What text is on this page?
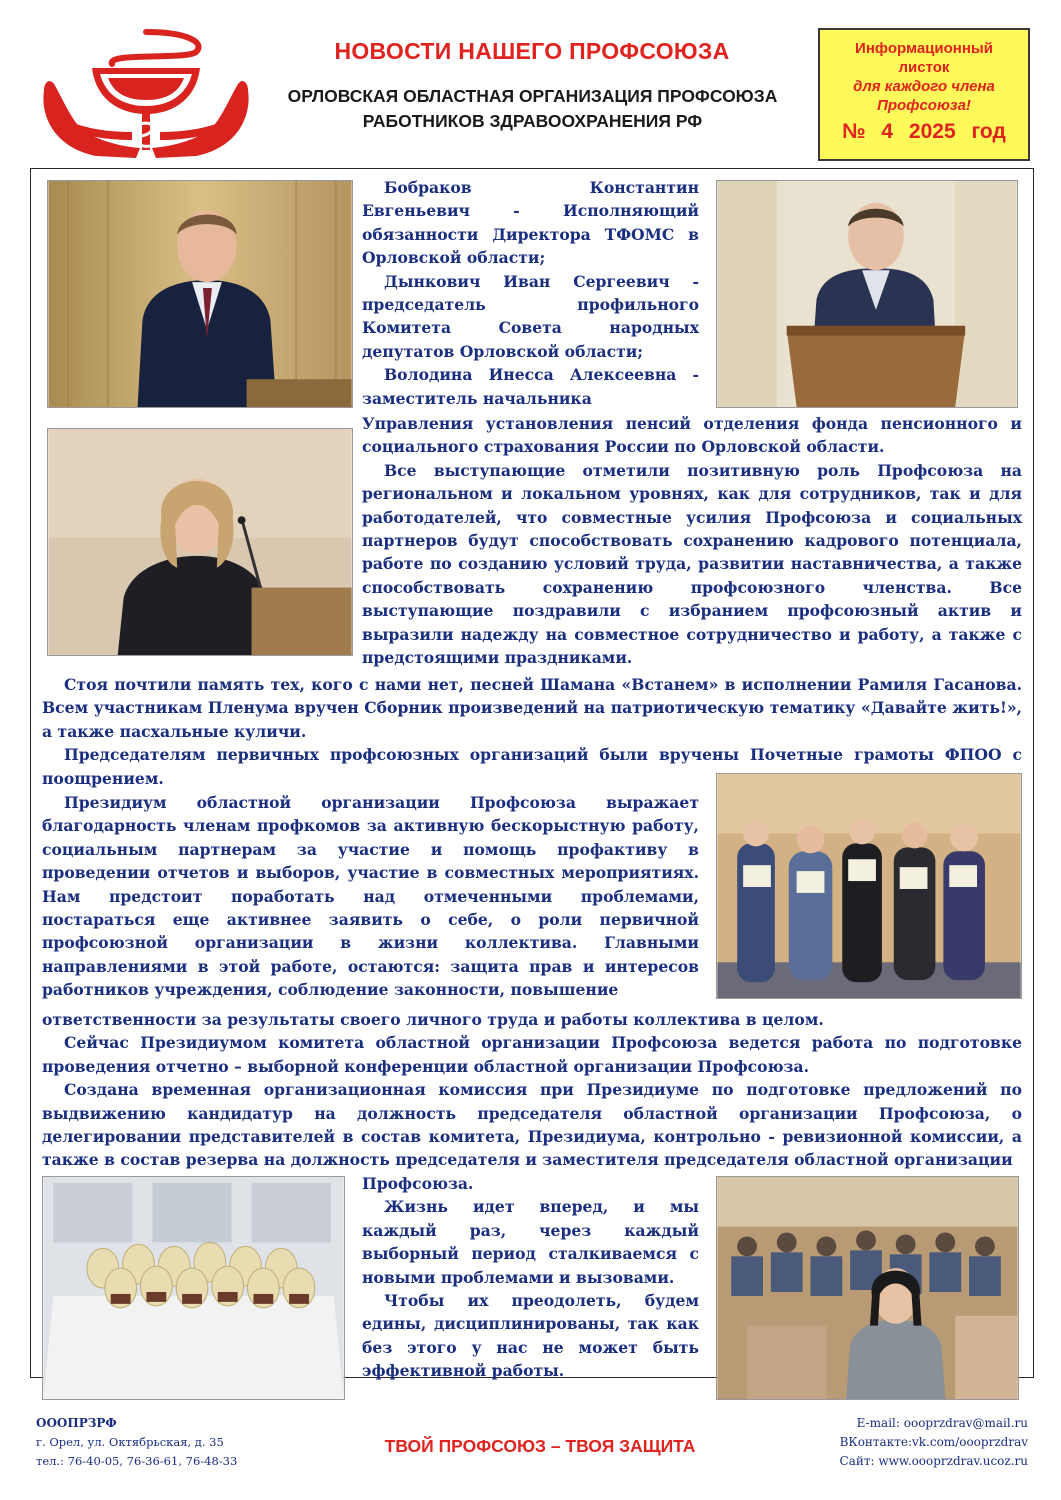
НОВОСТИ НАШЕГО ПРОФСОЮЗА
ОРЛОВСКАЯ ОБЛАСТНАЯ ОРГАНИЗАЦИЯ ПРОФСОЮЗА
РАБОТНИКОВ ЗДРАВООХРАНЕНИЯ РФ
Информационный
листок
для каждого члена
Профсоюза!
№ 4 2025 год

Бобраков Константин Евгеньевич - Исполняющий обязанности Директора ТФОМС в Орловской области;

Дынкович Иван Сергеевич - председатель профильного Комитета Совета народных депутатов Орловской области;

Володина Инесса Алексеевна - заместитель начальника

Управления установления пенсий отделения фонда пенсионного и социального страхования России по Орловской области.

Все выступающие отметили позитивную роль Профсоюза на региональном и локальном уровнях, как для сотрудников, так и для работодателей, что совместные усилия Профсоюза и социальных партнеров будут способствовать сохранению кадрового потенциала, работе по созданию условий труда, развитии наставничества, а также способствовать сохранению профсоюзного членства. Все выступающие поздравили с избранием профсоюзный актив и выразили надежду на совместное сотрудничество и работу, а также с предстоящими праздниками.

Стоя почтили память тех, кого с нами нет, песней Шамана «Встанем» в исполнении Рамиля Гасанова. Всем участникам Пленума вручен Сборник произведений на патриотическую тематику «Давайте жить!», а также пасхальные куличи.

Председателям первичных профсоюзных организаций были вручены Почетные грамоты ФПОО с поощрением.

Президиум областной организации Профсоюза выражает благодарность членам профкомов за активную бескорыстную работу, социальным партнерам за участие и помощь профактиву в проведении отчетов и выборов, участие в совместных мероприятиях. Нам предстоит поработать над отмеченными проблемами, постараться еще активнее заявить о себе, о роли первичной профсоюзной организации в жизни коллектива. Главными направлениями в этой работе, остаются: защита прав и интересов работников учреждения, соблюдение законности, повышение

ответственности за результаты своего личного труда и работы коллектива в целом.

Сейчас Президиумом комитета областной организации Профсоюза ведется работа по подготовке проведения отчетно – выборной конференции областной организации Профсоюза.

Создана временная организационная комиссия при Президиуме по подготовке предложений по выдвижению кандидатур на должность председателя областной организации Профсоюза, о делегировании представителей в состав комитета, Президиума, контрольно - ревизионной комиссии, а также в состав резерва на должность председателя и заместителя председателя областной организации

Профсоюза.

Жизнь идет вперед, и мы каждый раз, через каждый выборный период сталкиваемся с новыми проблемами и вызовами.

Чтобы их преодолеть, будем едины, дисциплинированы, так как без этого у нас не может быть эффективной работы.

ОООПРЗРФ
г. Орел, ул. Октябрьская, д. 35
тел.: 76-40-05, 76-36-61, 76-48-33
ТВОЙ ПРОФСОЮЗ – ТВОЯ ЗАЩИТА
E-mail: oooprzdrav@mail.ru
ВКонтакте:vk.com/oooprzdrav
Сайт: www.oooprzdrav.ucoz.ru
